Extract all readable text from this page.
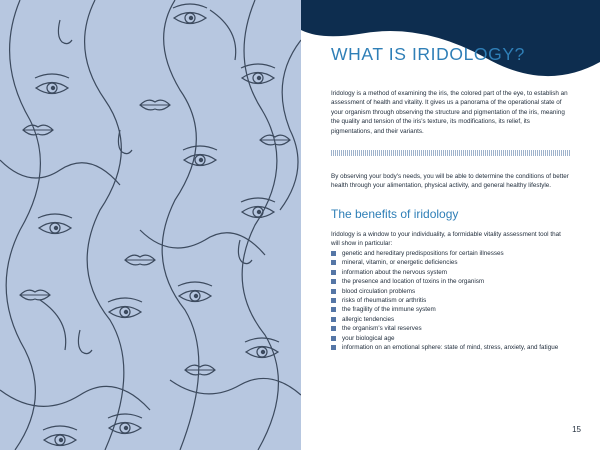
WHAT IS IRIDOLOGY?

Iridology is a method of examining the iris, the colored part of the eye, to establish an assessment of health and vitality. It gives us a panorama of the operational state of your organism through observing the structure and pigmentation of the iris, meaning the quality and tension of the iris's texture, its modifications, its relief, its pigmentations, and their variants.

By observing your body's needs, you will be able to determine the conditions of better health through your alimentation, physical activity, and general healthy lifestyle.

The benefits of iridology

Iridology is a window to your individuality, a formidable vitality assessment tool that will show in particular:

genetic and hereditary predispositions for certain illnesses
mineral, vitamin, or energetic deficiencies
information about the nervous system
the presence and location of toxins in the organism
blood circulation problems
risks of rheumatism or arthritis
the fragility of the immune system
allergic tendencies
the organism's vital reserves
your biological age
information on an emotional sphere: state of mind, stress, anxiety, and fatigue
15
